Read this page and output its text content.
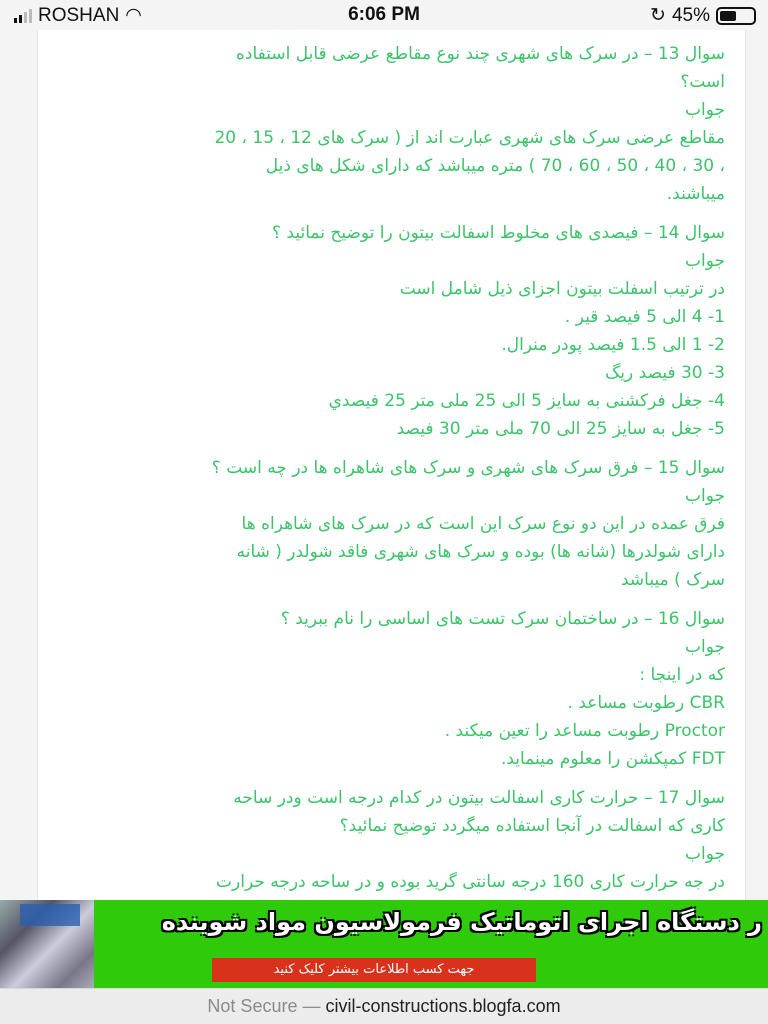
ROSHAN ◠	6:06 PM	↻ 45%
سوال 13 – در سرک های شهری چند نوع مقاطع عرضی قابل استفاده
است؟
جواب
مقاطع عرضی سرک های شهری عبارت اند از ( سرک های 12 ، 15 ، 20
، 30 ، 40 ، 50 ، 60 ، 70 ) متره میباشد که دارای شکل های ذیل
میباشند.
سوال 14 – فیصدی های مخلوط اسفالت بیتون را توضیح نمائید ؟
جواب
در ترتیب اسفلت بیتون اجزای ذیل شامل است
1- 4 الی 5 فیصد قیر .
2- 1 الی 1.5 فیصد پودر منرال.
3- 30 فیصد ریگ
4- جغل فرکشنی به سایز 5 الی 25 ملی متر 25 فیصدي
5- جغل به سایز 25 الی 70 ملی متر 30 فیصد
سوال 15 – فرق سرک های شهری و سرک های شاهراه ها در چه است ؟
جواب
فرق عمده در این دو نوع سرک این است که در سرک های شاهراه ها
دارای شولدرها (شانه ها) بوده و سرک های شهری فاقد شولدر ( شانه
سرک ) میباشد
سوال 16 – در ساختمان سرک تست های اساسی را نام ببرید ؟
جواب
که در اینجا :
CBR رطوبت مساعد .
Proctor رطوبت مساعد را تعین میکند .
FDT کمپکشن را معلوم مینماید.
سوال 17 – حرارت کاری اسفالت بیتون در کدام درجه است ودر ساحه
کاری که اسفالت در آنجا استفاده میگردد توضیح نمائید؟
جواب
در جه حرارت کاری 160 درجه سانتی گرید بوده و در ساحه درجه حرارت
ر دستگاه اجرای اتوماتیک فرمولاسیون مواد شوینده
جهت کسب اطلاعات بیشتر کلیک کنید
Not Secure — civil-constructions.blogfa.com
